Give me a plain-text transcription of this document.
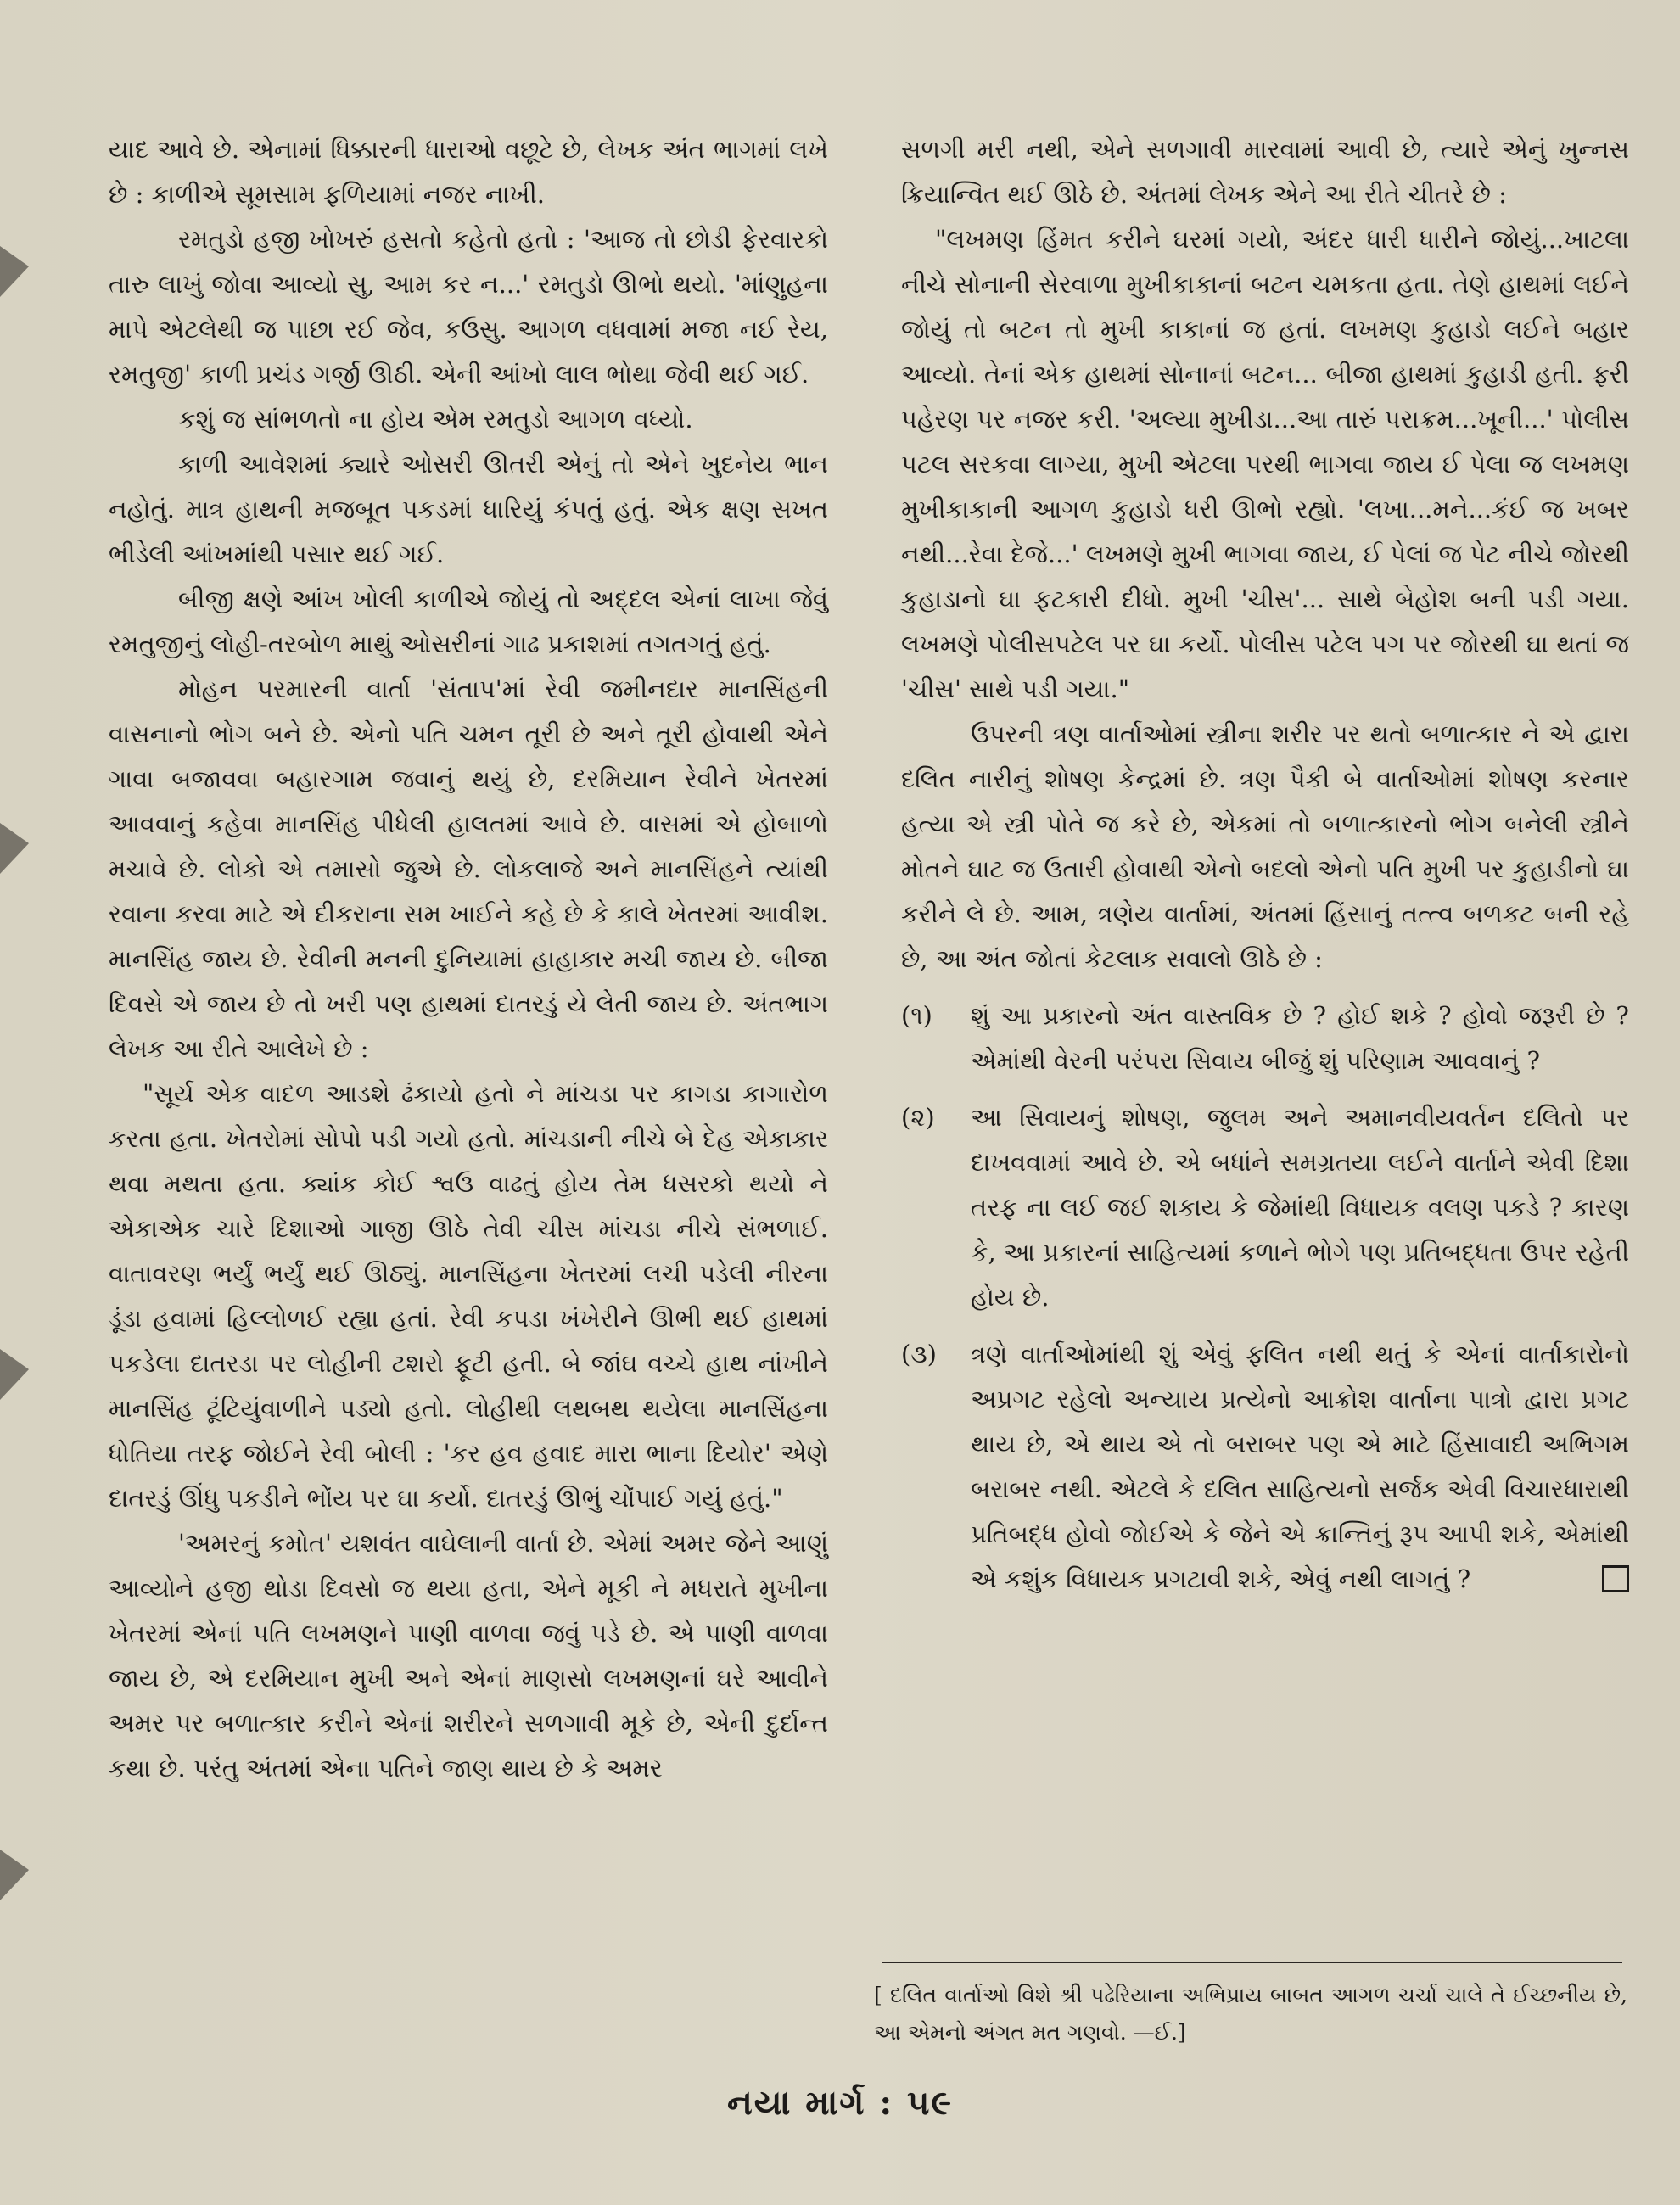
યાદ આવે છે. એનામાં ધિક્કારની ધારાઓ વછૂટે છે, લેખક અંત ભાગમાં લખે છે : કાળીએ સૂમસામ ફળિયામાં નજર નાખી.

રમતુડો હજી ખોખરું હસતો કહેતો હતો : 'આજ તો છોડી ફેરવારકો તારુ લાખું જોવા આવ્યો સુ, આમ કર ન...' રમતુડો ઊભો થયો. 'માંણુહના માપે એટલેથી જ પાછા રઈ જેવ, કઉસુ. આગળ વધવામાં મજા નઈ રેય, રમતુજી' કાળી પ્રચંડ ગર્જી ઊઠી. એની આંખો લાલ ભોથા જેવી થઈ ગઈ.

કશું જ સાંભળતો ના હોય એમ રમતુડો આગળ વધ્યો.

કાળી આવેશમાં ક્યારે ઓસરી ઊતરી એનું તો એને ખુદનેય ભાન નહોતું. માત્ર હાથની મજબૂત પકડમાં ધારિયું કંપતું હતું. એક ક્ષણ સખત ભીડેલી આંખમાંથી પસાર થઈ ગઈ.

બીજી ક્ષણે આંખ ખોલી કાળીએ જોયું તો અદ્દલ એનાં લાખા જેવું રમતુજીનું લોહી-તરબોળ માથું ઓસરીનાં ગાઢ પ્રકાશમાં તગતગતું હતું.

મોહન પરમારની વાર્તા 'સંતાપ'માં રેવી જમીનદાર માનસિંહની વાસનાનો ભોગ બને છે. એનો પતિ ચમન તૂરી છે અને તૂરી હોવાથી એને ગાવા બજાવવા બહારગામ જવાનું થયું છે, દરમિયાન રેવીને ખેતરમાં આવવાનું કહેવા માનસિંહ પીધેલી હાલતમાં આવે છે. વાસમાં એ હોબાળો મચાવે છે. લોકો એ તમાસો જુએ છે. લોકલાજે અને માનસિંહને ત્યાંથી રવાના કરવા માટે એ દીકરાના સમ ખાઈને કહે છે કે કાલે ખેતરમાં આવીશ. માનસિંહ જાય છે. રેવીની મનની દુનિયામાં હાહાકાર મચી જાય છે. બીજા દિવસે એ જાય છે તો ખરી પણ હાથમાં દાતરડું યે લેતી જાય છે. અંતભાગ લેખક આ રીતે આલેખે છે :

"સૂર્ય એક વાદળ આડશે ઢંકાયો હતો ને માંચડા પર કાગડા કાગારોળ કરતા હતા. ખેતરોમાં સોપો પડી ગયો હતો. માંચડાની નીચે બે દેહ એકાકાર થવા મથતા હતા. ક્યાંક કોઈ શ્વઉ વાઢતું હોય તેમ ધસરકો થયો ને એકાએક ચારે દિશાઓ ગાજી ઊઠે તેવી ચીસ માંચડા નીચે સંભળાઈ. વાતાવરણ ભર્યું ભર્યું થઈ ઊઠ્યું. માનસિંહના ખેતરમાં લચી પડેલી નીરના ડૂંડા હવામાં હિલ્લોળઈ રહ્યા હતાં. રેવી કપડા ખંખેરીને ઊભી થઈ હાથમાં પકડેલા દાતરડા પર લોહીની ટશરો ફૂટી હતી. બે જાંઘ વચ્ચે હાથ નાંખીને માનસિંહ ટૂંટિયુંવાળીને પડ્યો હતો. લોહીથી લથબથ થયેલા માનસિંહના ધોતિયા તરફ જોઈને રેવી બોલી : 'કર હવ હવાદ મારા ભાના દિયોર' એણે દાતરડું ઊંધુ પકડીને ભોંય પર ઘા કર્યો. દાતરડું ઊભું ચોંપાઈ ગયું હતું."

'અમરનું કમોત' યશવંત વાઘેલાની વાર્તા છે. એમાં અમર જેને આણું આવ્યોને હજી થોડા દિવસો જ થયા હતા, એને મૂકી ને મધરાતે મુખીના ખેતરમાં એનાં પતિ લખમણને પાણી વાળવા જવું પડે છે. એ પાણી વાળવા જાય છે, એ દરમિયાન મુખી અને એનાં માણસો લખમણનાં ઘરે આવીને અમર પર બળાત્કાર કરીને એનાં શરીરને સળગાવી મૂકે છે, એની દુર્દાન્ત કથા છે. પરંતુ અંતમાં એના પતિને જાણ થાય છે કે અમર

સળગી મરી નથી, એને સળગાવી મારવામાં આવી છે, ત્યારે એનું ખુન્નસ ક્રિયાન્વિત થઈ ઊઠે છે. અંતમાં લેખક એને આ રીતે ચીતરે છે :

"લખમણ હિંમત કરીને ઘરમાં ગયો, અંદર ધારી ધારીને જોયું...ખાટલા નીચે સોનાની સેરવાળા મુખીકાકાનાં બટન ચમકતા હતા. તેણે હાથમાં લઈને જોયું તો બટન તો મુખી કાકાનાં જ હતાં. લખમણ કુહાડો લઈને બહાર આવ્યો. તેનાં એક હાથમાં સોનાનાં બટન... બીજા હાથમાં કુહાડી હતી. ફરી પહેરણ પર નજર કરી. 'અલ્યા મુખીડા...આ તારું પરાક્રમ...ખૂની...' પોલીસ પટલ સરકવા લાગ્યા, મુખી એટલા પરથી ભાગવા જાય ઈ પેલા જ લખમણ મુખીકાકાની આગળ કુહાડો ધરી ઊભો રહ્યો. 'લખા...મને...કંઈ જ ખબર નથી...રેવા દેજે...' લખમણે મુખી ભાગવા જાય, ઈ પેલાં જ પેટ નીચે જોરથી કુહાડાનો ઘા ફટકારી દીધો. મુખી 'ચીસ'... સાથે બેહોશ બની પડી ગયા. લખમણે પોલીસપટેલ પર ઘા કર્યો. પોલીસ પટેલ પગ પર જોરથી ઘા થતાં જ 'ચીસ' સાથે પડી ગયા."

ઉપરની ત્રણ વાર્તાઓમાં સ્ત્રીના શરીર પર થતો બળાત્કાર ને એ દ્વારા દલિત નારીનું શોષણ કેન્દ્રમાં છે. ત્રણ પૈકી બે વાર્તાઓમાં શોષણ કરનાર હત્યા એ સ્ત્રી પોતે જ કરે છે, એકમાં તો બળાત્કારનો ભોગ બનેલી સ્ત્રીને મોતને ઘાટ જ ઉતારી હોવાથી એનો બદલો એનો પતિ મુખી પર કુહાડીનો ઘા કરીને લે છે. આમ, ત્રણેય વાર્તામાં, અંતમાં હિંસાનું તત્ત્વ બળકટ બની રહે છે, આ અંત જોતાં કેટલાક સવાલો ઊઠે છે :

(૧)	શું આ પ્રકારનો અંત વાસ્તવિક છે ? હોઈ શકે ? હોવો જરૂરી છે ? એમાંથી વેરની પરંપરા સિવાય બીજું શું પરિણામ આવવાનું ?
(૨)	આ સિવાયનું શોષણ, જુલમ અને અમાનવીયવર્તન દલિતો પર દાખવવામાં આવે છે. એ બધાંને સમગ્રતયા લઈને વાર્તાને એવી દિશા તરફ ના લઈ જઈ શકાય કે જેમાંથી વિધાયક વલણ પકડે ? કારણ કે, આ પ્રકારનાં સાહિત્યમાં કળાને ભોગે પણ પ્રતિબદ્ધતા ઉપર રહેતી હોય છે.
(૩)	ત્રણે વાર્તાઓમાંથી શું એવું ફલિત નથી થતું કે એનાં વાર્તાકારોનો અપ્રગટ રહેલો અન્યાય પ્રત્યેનો આક્રોશ વાર્તાના પાત્રો દ્વારા પ્રગટ થાય છે, એ થાય એ તો બરાબર પણ એ માટે હિંસાવાદી અભિગમ બરાબર નથી. એટલે કે દલિત સાહિત્યનો સર્જક એવી વિચારધારાથી પ્રતિબદ્ધ હોવો જોઈએ કે જેને એ ક્રાન્તિનું રૂપ આપી શકે, એમાંથી એ કશુંક વિધાયક પ્રગટાવી શકે, એવું નથી લાગતું ?
[ દલિત વાર્તાઓ વિશે શ્રી પઢેરિયાના અભિપ્રાય બાબત આગળ ચર્ચા ચાલે તે ઈચ્છનીય છે, આ એમનો અંગત મત ગણવો. —ઈ.]
નયા માર્ગ : ૫૯
